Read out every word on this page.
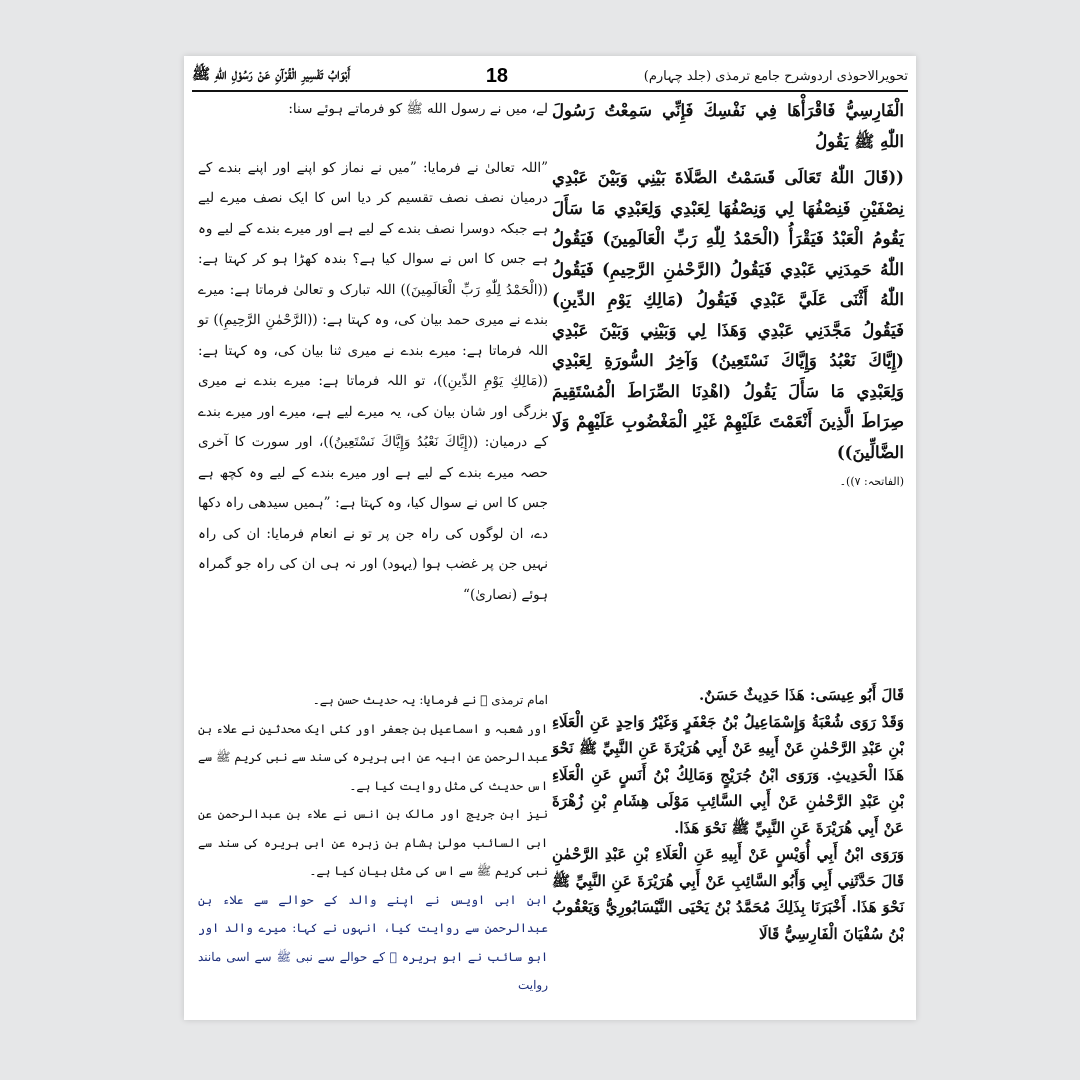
أَبْوَابُ تَفْسِيرِ الْقُرْآنِ عَنْ رَسُوْلِ اللّٰهِ ﷺ	18	تحویرالاحوذی اردوشرح جامع ترمذی (جلد چہارم)
الْفَارِسِيُّ فَاقْرَأْهَا فِي نَفْسِكَ فَإِنِّي سَمِعْتُ رَسُولَ اللّٰهِ ﷺ يَقُولُ
((قَالَ اللّٰهُ تَعَالَى قَسَمْتُ الصَّلَاةَ بَيْنِي وَبَيْنَ عَبْدِي نِصْفَيْنِ فَنِصْفُهَا لِي وَنِصْفُهَا لِعَبْدِي وَلِعَبْدِي مَا سَأَلَ يَقُومُ الْعَبْدُ فَيَقْرَأُ (الْحَمْدُ لِلّٰهِ رَبِّ الْعَالَمِينَ) فَيَقُولُ اللّٰهُ حَمِدَنِي عَبْدِي فَيَقُولُ (الرَّحْمٰنِ الرَّحِيمِ) فَيَقُولُ اللّٰهُ أَثْنَى عَلَيَّ عَبْدِي فَيَقُولُ (مَالِكِ يَوْمِ الدِّينِ) فَيَقُولُ مَجَّدَنِي عَبْدِي وَهَذَا لِي وَبَيْنِي وَبَيْنَ عَبْدِي (إِيَّاكَ نَعْبُدُ وَإِيَّاكَ نَسْتَعِينُ) وَآخِرُ السُّورَةِ لِعَبْدِي وَلِعَبْدِي مَا سَأَلَ يَقُولُ (اهْدِنَا الصِّرَاطَ الْمُسْتَقِيمَ صِرَاطَ الَّذِينَ أَنْعَمْتَ عَلَيْهِمْ غَيْرِ الْمَغْضُوبِ عَلَيْهِمْ وَلَا الضَّالِّينَ))
(الفاتحہ: ۷))۔
لے، میں نے رسول الله ﷺ کو فرماتے ہوئے سنا:
”اللہ تعالیٰ نے فرمایا: ”میں نے نماز کو اپنے اور اپنے بندے کے درمیان نصف نصف تقسیم کر دیا اس کا ایک نصف میرے لیے ہے جبکہ دوسرا نصف بندے کے لیے ہے اور میرے بندے کے لیے وہ ہے جس کا اس نے سوال کیا ہے؟ بندہ کھڑا ہو کر کہتا ہے: ((الْحَمْدُ لِلّٰهِ رَبِّ الْعَالَمِينَ)) اللہ تبارک و تعالیٰ فرماتا ہے: میرے بندے نے میری حمد بیان کی، وہ کہتا ہے: ((الرَّحْمٰنِ الرَّحِيمِ)) تو اللہ فرماتا ہے: میرے بندے نے میری ثنا بیان کی، وہ کہتا ہے: ((مَالِكِ يَوْمِ الدِّينِ))، تو اللہ فرماتا ہے: میرے بندے نے میری بزرگی اور شان بیان کی، یہ میرے لیے ہے، میرے اور میرے بندے کے درمیان: ((إِيَّاكَ نَعْبُدُ وَإِيَّاكَ نَسْتَعِينُ))، اور سورت کا آخری حصہ میرے بندے کے لیے ہے اور میرے بندے کے لیے وہ کچھ ہے جس کا اس نے سوال کیا، وہ کہتا ہے: ”ہمیں سیدھی راہ دکھا دے، ان لوگوں کی راہ جن پر تو نے انعام فرمایا: ان کی راہ نہیں جن پر غضب ہوا (یہود) اور نہ ہی ان کی راہ جو گمراہ ہوئے (نصاریٰ)“
قَالَ أَبُو عِيسَى: هَذَا حَدِيثٌ حَسَنٌ.
وَقَدْ رَوَى شُعْبَةُ وَإِسْمَاعِيلُ بْنُ جَعْفَرٍ وَغَيْرُ وَاحِدٍ عَنِ الْعَلَاءِ بْنِ عَبْدِ الرَّحْمٰنِ عَنْ أَبِيهِ عَنْ أَبِي هُرَيْرَةَ عَنِ النَّبِيِّ ﷺ نَحْوَ هَذَا الْحَدِيثِ. وَرَوَى ابْنُ جُرَيْجٍ وَمَالِكُ بْنُ أَنَسٍ عَنِ الْعَلَاءِ بْنِ عَبْدِ الرَّحْمٰنِ عَنْ أَبِي السَّائِبِ مَوْلَى هِشَامِ بْنِ زُهْرَةَ عَنْ أَبِي هُرَيْرَةَ عَنِ النَّبِيِّ ﷺ نَحْوَ هَذَا.
وَرَوَى ابْنُ أَبِي أُوَيْسٍ عَنْ أَبِيهِ عَنِ الْعَلَاءِ بْنِ عَبْدِ الرَّحْمٰنِ قَالَ حَدَّثَنِي أَبِي وَأَبُو السَّائِبِ عَنْ أَبِي هُرَيْرَةَ عَنِ النَّبِيِّ ﷺ نَحْوَ هَذَا. أَخْبَرَنَا بِذَلِكَ مُحَمَّدُ بْنُ يَحْيَى النَّيْسَابُورِيُّ وَيَعْقُوبُ بْنُ سُفْيَانَ الْفَارِسِيُّ قَالَا
امام ترمذی ﷫ نے فرمایا: یہ حدیث حسن ہے۔
اور شعبہ و اسماعیل بن جعفر اور کئی ایک محدثین نے علاء بن عبدالرحمن عن ابیہ عن ابی ہریرہ کی سند سے نبی کریم ﷺ سے اس حدیث کی مثل روایت کیا ہے۔
نیز ابن جریج اور مالک بن انس نے علاء بن عبدالرحمن عن ابی السائب مولیٰ ہشام بن زہرہ عن ابی ہریرہ کی سند سے نبی کریم ﷺ سے اس کی مثل بیان کیا ہے۔
ابن ابی اویس نے اپنے والد کے حوالے سے علاء بن عبدالرحمن سے روایت کیا، انہوں نے کہا: میرے والد اور ابو سائب نے ابو ہریرہ ﷛ کے حوالے سے نبی ﷺ سے اسی مانند روایت
